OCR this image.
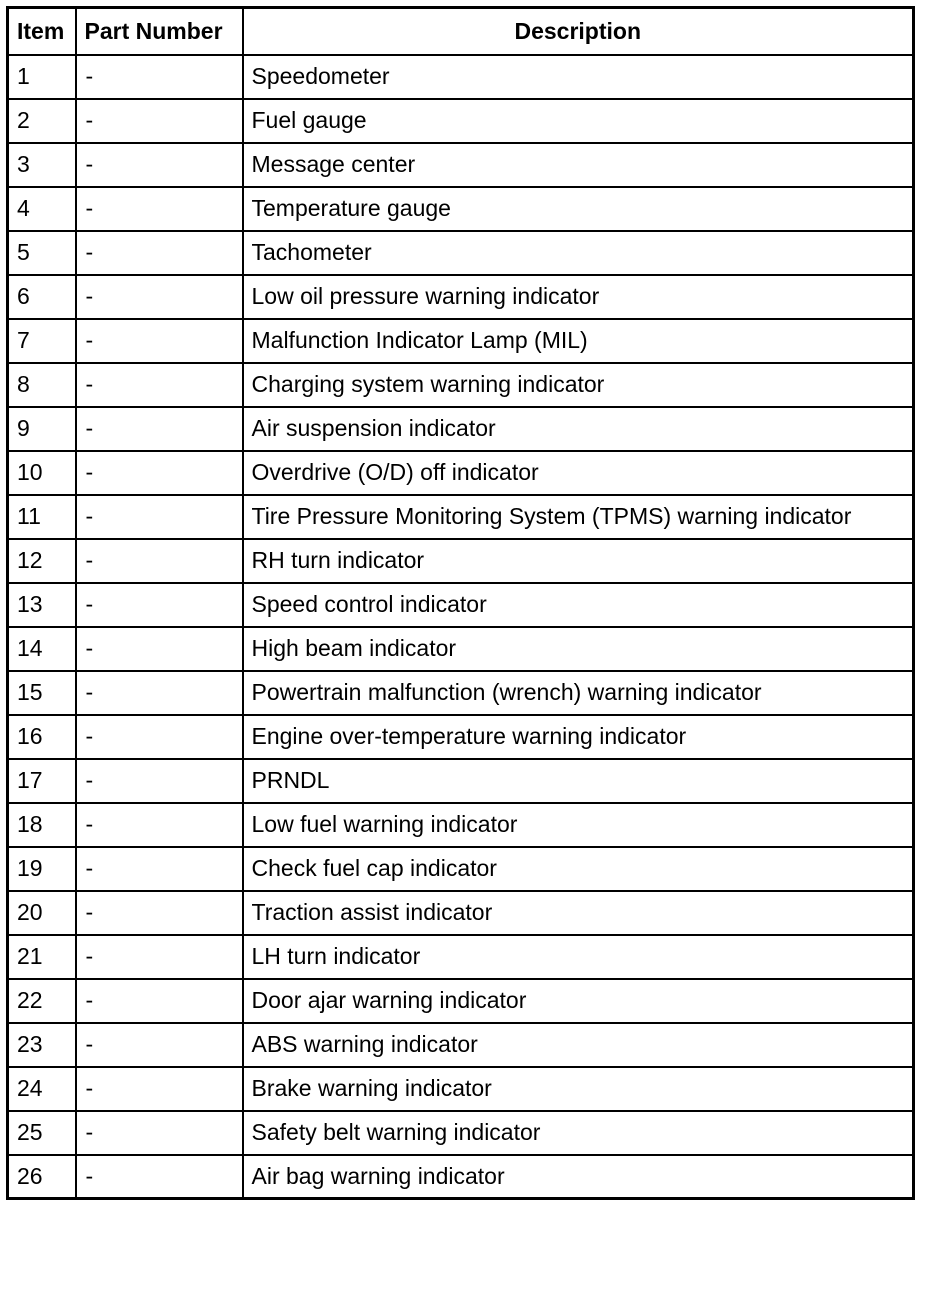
Item	Part Number	Description
1	-	Speedometer
2	-	Fuel gauge
3	-	Message center
4	-	Temperature gauge
5	-	Tachometer
6	-	Low oil pressure warning indicator
7	-	Malfunction Indicator Lamp (MIL)
8	-	Charging system warning indicator
9	-	Air suspension indicator
10	-	Overdrive (O/D) off indicator
11	-	Tire Pressure Monitoring System (TPMS) warning indicator
12	-	RH turn indicator
13	-	Speed control indicator
14	-	High beam indicator
15	-	Powertrain malfunction (wrench) warning indicator
16	-	Engine over-temperature warning indicator
17	-	PRNDL
18	-	Low fuel warning indicator
19	-	Check fuel cap indicator
20	-	Traction assist indicator
21	-	LH turn indicator
22	-	Door ajar warning indicator
23	-	ABS warning indicator
24	-	Brake warning indicator
25	-	Safety belt warning indicator
26	-	Air bag warning indicator
